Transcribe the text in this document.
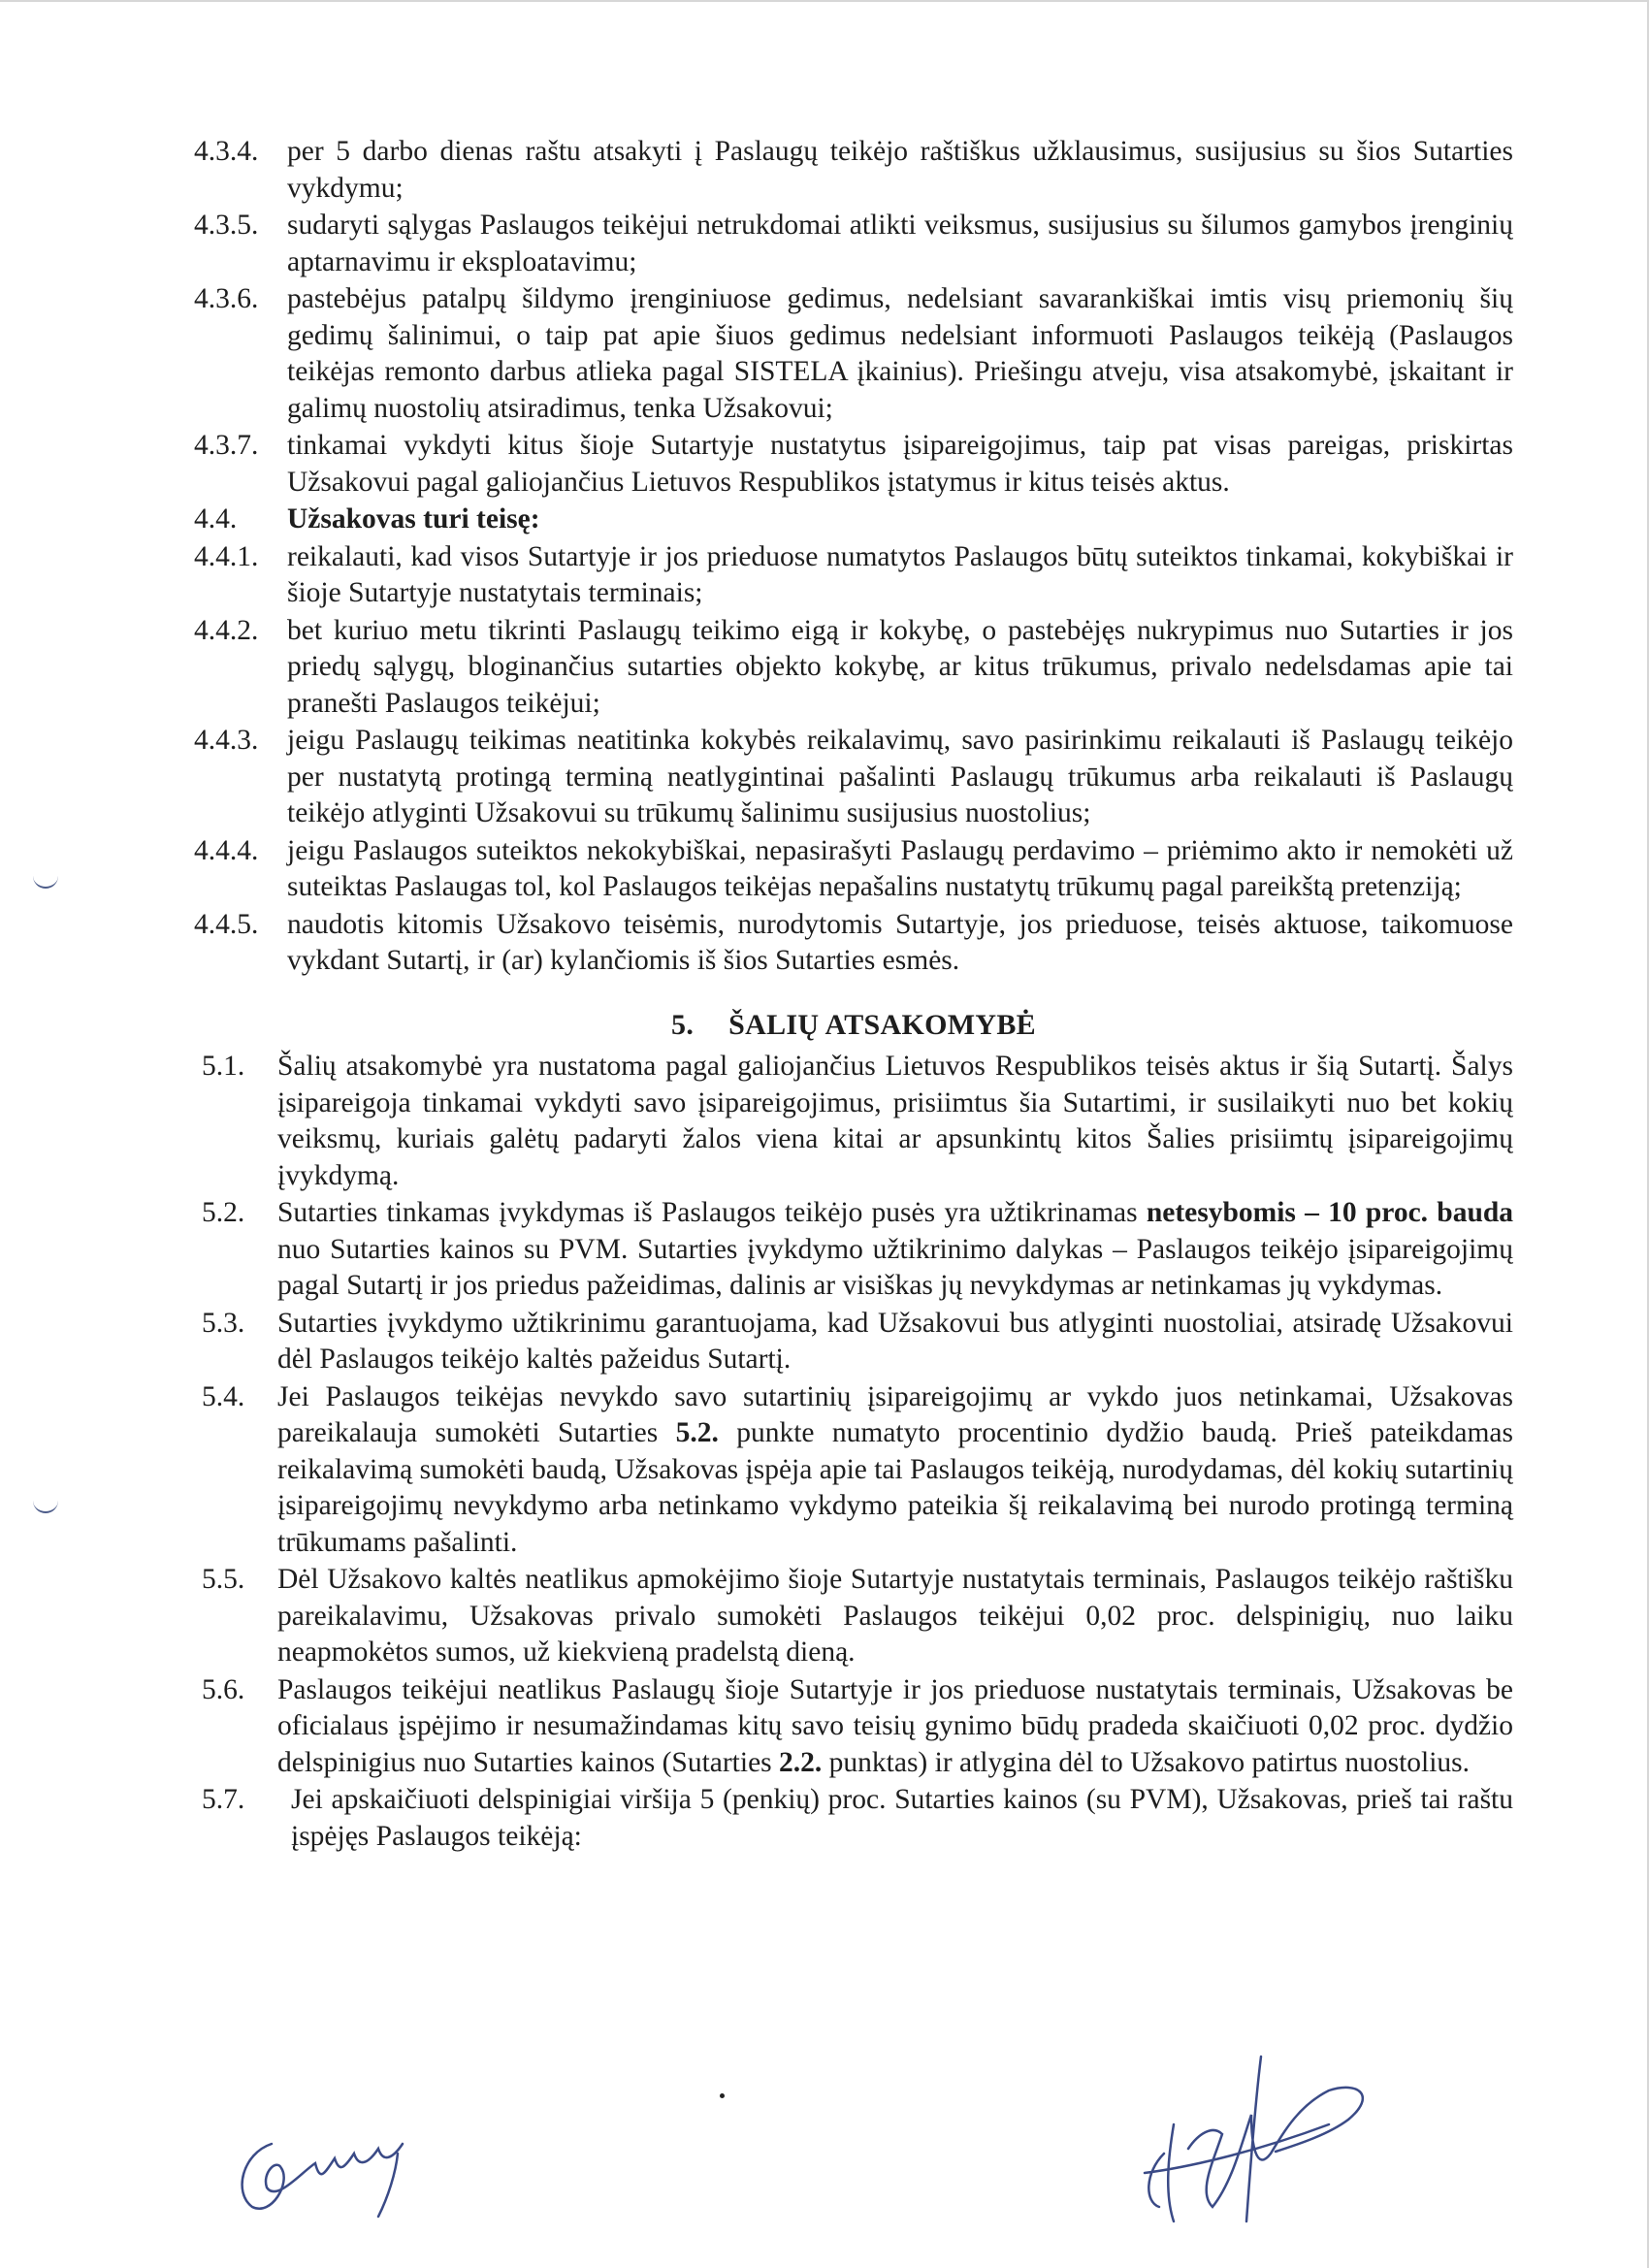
4.3.4.	per 5 darbo dienas raštu atsakyti į Paslaugų teikėjo raštiškus užklausimus, susijusius su šios Sutarties vykdymu;
4.3.5.	sudaryti sąlygas Paslaugos teikėjui netrukdomai atlikti veiksmus, susijusius su šilumos gamybos įrenginių aptarnavimu ir eksploatavimu;
4.3.6.	pastebėjus patalpų šildymo įrenginiuose gedimus, nedelsiant savarankiškai imtis visų priemonių šių gedimų šalinimui, o taip pat apie šiuos gedimus nedelsiant informuoti Paslaugos teikėją (Paslaugos teikėjas remonto darbus atlieka pagal SISTELA įkainius). Priešingu atveju, visa atsakomybė, įskaitant ir galimų nuostolių atsiradimus, tenka Užsakovui;
4.3.7.	tinkamai vykdyti kitus šioje Sutartyje nustatytus įsipareigojimus, taip pat visas pareigas, priskirtas Užsakovui pagal galiojančius Lietuvos Respublikos įstatymus ir kitus teisės aktus.
4.4.	Užsakovas turi teisę:
4.4.1.	reikalauti, kad visos Sutartyje ir jos prieduose numatytos Paslaugos būtų suteiktos tinkamai, kokybiškai ir šioje Sutartyje nustatytais terminais;
4.4.2.	bet kuriuo metu tikrinti Paslaugų teikimo eigą ir kokybę, o pastebėjęs nukrypimus nuo Sutarties ir jos priedų sąlygų, bloginančius sutarties objekto kokybę, ar kitus trūkumus, privalo nedelsdamas apie tai pranešti Paslaugos teikėjui;
4.4.3.	jeigu Paslaugų teikimas neatitinka kokybės reikalavimų, savo pasirinkimu reikalauti iš Paslaugų teikėjo per nustatytą protingą terminą neatlygintinai pašalinti Paslaugų trūkumus arba reikalauti iš Paslaugų teikėjo atlyginti Užsakovui su trūkumų šalinimu susijusius nuostolius;
4.4.4.	jeigu Paslaugos suteiktos nekokybiškai, nepasirašyti Paslaugų perdavimo – priėmimo akto ir nemokėti už suteiktas Paslaugas tol, kol Paslaugos teikėjas nepašalins nustatytų trūkumų pagal pareikštą pretenziją;
4.4.5.	naudotis kitomis Užsakovo teisėmis, nurodytomis Sutartyje, jos prieduose, teisės aktuose, taikomuose vykdant Sutartį, ir (ar) kylančiomis iš šios Sutarties esmės.
5. ŠALIŲ ATSAKOMYBĖ
5.1.	Šalių atsakomybė yra nustatoma pagal galiojančius Lietuvos Respublikos teisės aktus ir šią Sutartį. Šalys įsipareigoja tinkamai vykdyti savo įsipareigojimus, prisiimtus šia Sutartimi, ir susilaikyti nuo bet kokių veiksmų, kuriais galėtų padaryti žalos viena kitai ar apsunkintų kitos Šalies prisiimtų įsipareigojimų įvykdymą.
5.2.	Sutarties tinkamas įvykdymas iš Paslaugos teikėjo pusės yra užtikrinamas netesybomis – 10 proc. bauda nuo Sutarties kainos su PVM. Sutarties įvykdymo užtikrinimo dalykas – Paslaugos teikėjo įsipareigojimų pagal Sutartį ir jos priedus pažeidimas, dalinis ar visiškas jų nevykdymas ar netinkamas jų vykdymas.
5.3.	Sutarties įvykdymo užtikrinimu garantuojama, kad Užsakovui bus atlyginti nuostoliai, atsiradę Užsakovui dėl Paslaugos teikėjo kaltės pažeidus Sutartį.
5.4.	Jei Paslaugos teikėjas nevykdo savo sutartinių įsipareigojimų ar vykdo juos netinkamai, Užsakovas pareikalauja sumokėti Sutarties 5.2. punkte numatyto procentinio dydžio baudą. Prieš pateikdamas reikalavimą sumokėti baudą, Užsakovas įspėja apie tai Paslaugos teikėją, nurodydamas, dėl kokių sutartinių įsipareigojimų nevykdymo arba netinkamo vykdymo pateikia šį reikalavimą bei nurodo protingą terminą trūkumams pašalinti.
5.5.	Dėl Užsakovo kaltės neatlikus apmokėjimo šioje Sutartyje nustatytais terminais, Paslaugos teikėjo raštišku pareikalavimu, Užsakovas privalo sumokėti Paslaugos teikėjui 0,02 proc. delspinigių, nuo laiku neapmokėtos sumos, už kiekvieną pradelstą dieną.
5.6.	Paslaugos teikėjui neatlikus Paslaugų šioje Sutartyje ir jos prieduose nustatytais terminais, Užsakovas be oficialaus įspėjimo ir nesumažindamas kitų savo teisių gynimo būdų pradeda skaičiuoti 0,02 proc. dydžio delspinigius nuo Sutarties kainos (Sutarties 2.2. punktas) ir atlygina dėl to Užsakovo patirtus nuostolius.
5.7.	Jei apskaičiuoti delspinigiai viršija 5 (penkių) proc. Sutarties kainos (su PVM), Užsakovas, prieš tai raštu įspėjęs Paslaugos teikėją:
